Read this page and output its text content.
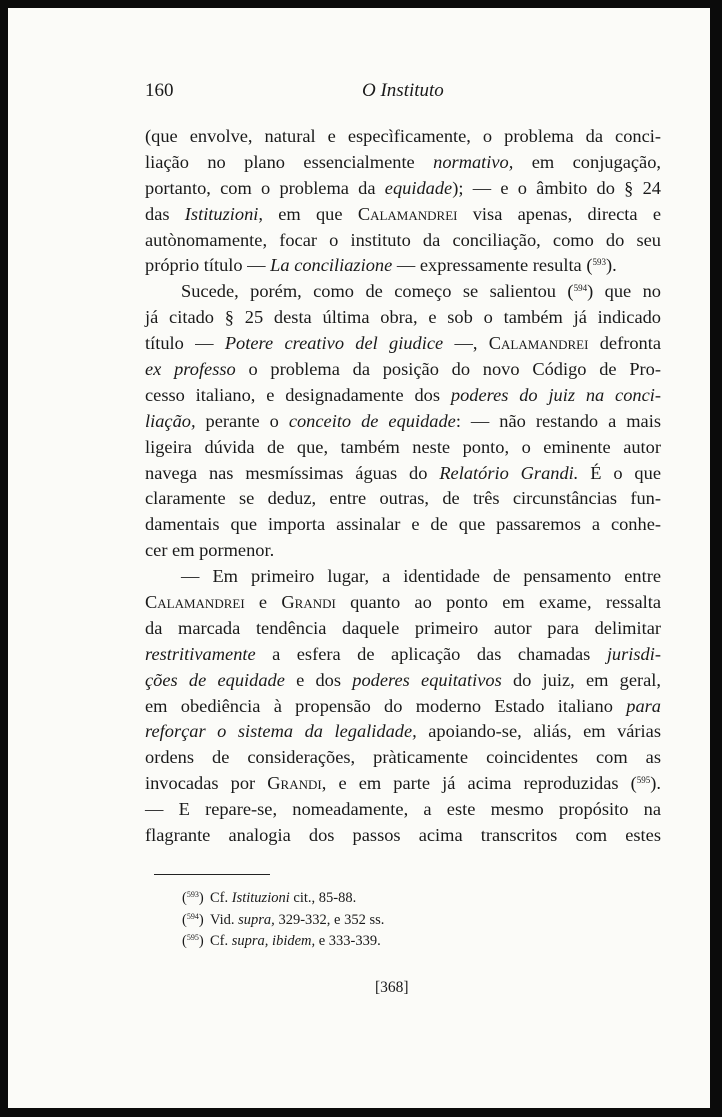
160	O Instituto
(que envolve, natural e especìficamente, o problema da conci-
liação no plano essencialmente normativo, em conjugação,
portanto, com o problema da equidade); — e o âmbito do § 24
das Istituzioni, em que Calamandrei visa apenas, directa e
autònomamente, focar o instituto da conciliação, como do seu
próprio título — La conciliazione — expressamente resulta ($^{593}$).
Sucede, porém, como de começo se salientou ($^{594}$) que no
já citado § 25 desta última obra, e sob o também já indicado
título — Potere creativo del giudice —, Calamandrei defronta
ex professo o problema da posição do novo Código de Pro-
cesso italiano, e designadamente dos poderes do juiz na conci-
liação, perante o conceito de equidade: — não restando a mais
ligeira dúvida de que, também neste ponto, o eminente autor
navega nas mesmíssimas águas do Relatório Grandi. É o que
claramente se deduz, entre outras, de três circunstâncias fun-
damentais que importa assinalar e de que passaremos a conhe-
cer em pormenor.
— Em primeiro lugar, a identidade de pensamento entre
Calamandrei e Grandi quanto ao ponto em exame, ressalta
da marcada tendência daquele primeiro autor para delimitar
restritivamente a esfera de aplicação das chamadas jurisdi-
ções de equidade e dos poderes equitativos do juiz, em geral,
em obediência à propensão do moderno Estado italiano para
reforçar o sistema da legalidade, apoiando-se, aliás, em várias
ordens de considerações, pràticamente coincidentes com as
invocadas por Grandi, e em parte já acima reproduzidas ($^{595}$).
— E repare-se, nomeadamente, a este mesmo propósito na
flagrante analogia dos passos acima transcritos com estes
($^{593}$) Cf. Istituzioni cit., 85-88.
($^{594}$) Vid. supra, 329-332, e 352 ss.
($^{595}$) Cf. supra, ibidem, e 333-339.
[368]
